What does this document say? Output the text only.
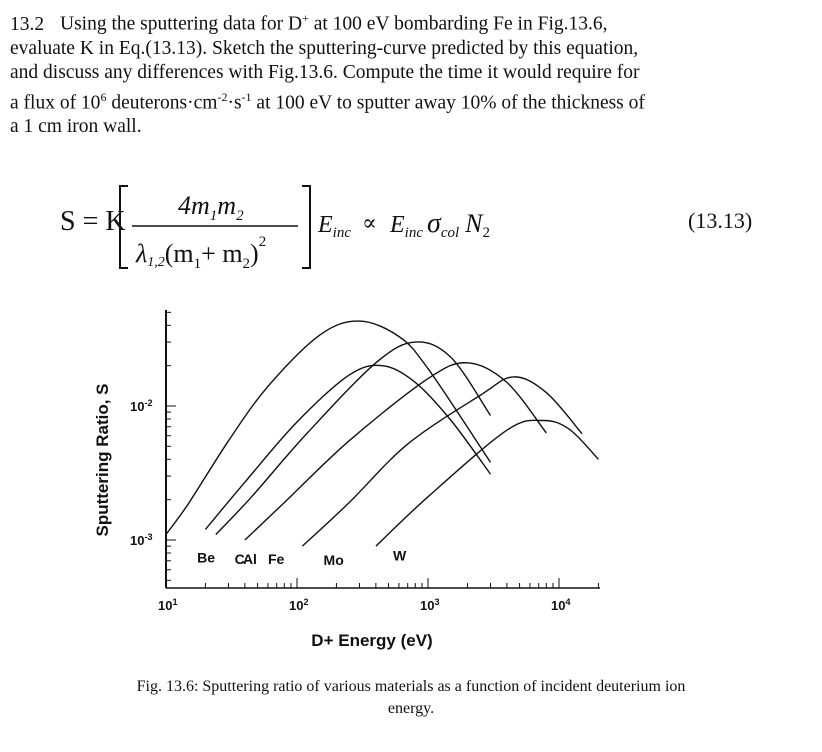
13.2 Using the sputtering data for D+ at 100 eV bombarding Fe in Fig.13.6,
evaluate K in Eq.(13.13). Sketch the sputtering-curve predicted by this equation,
and discuss any differences with Fig.13.6. Compute the time it would require for
a flux of $10^6$ $deuterons\cdot cm^{-2}\cdot s^{-1}$ at 100 eV to sputter away 10% of the thickness of
a 1 cm iron wall.
S = K
$4m_1m_2$
$\lambda 1,2(m_1+ m_2)^2$
$E_{inc} \propto E_{inc}$ $\sigma_{col}$ $N_2$	(13.13)
$10^1$	$10^2$	$10^3$	$10^4$
$10^{-2}$
$10^{-3}$
Be C
Al Fe	Mo	W
D+ Energy (eV)
Sputtering Ratio, S
Fig. 13.6: Sputtering ratio of various materials as a function of incident deuterium ion
energy.
